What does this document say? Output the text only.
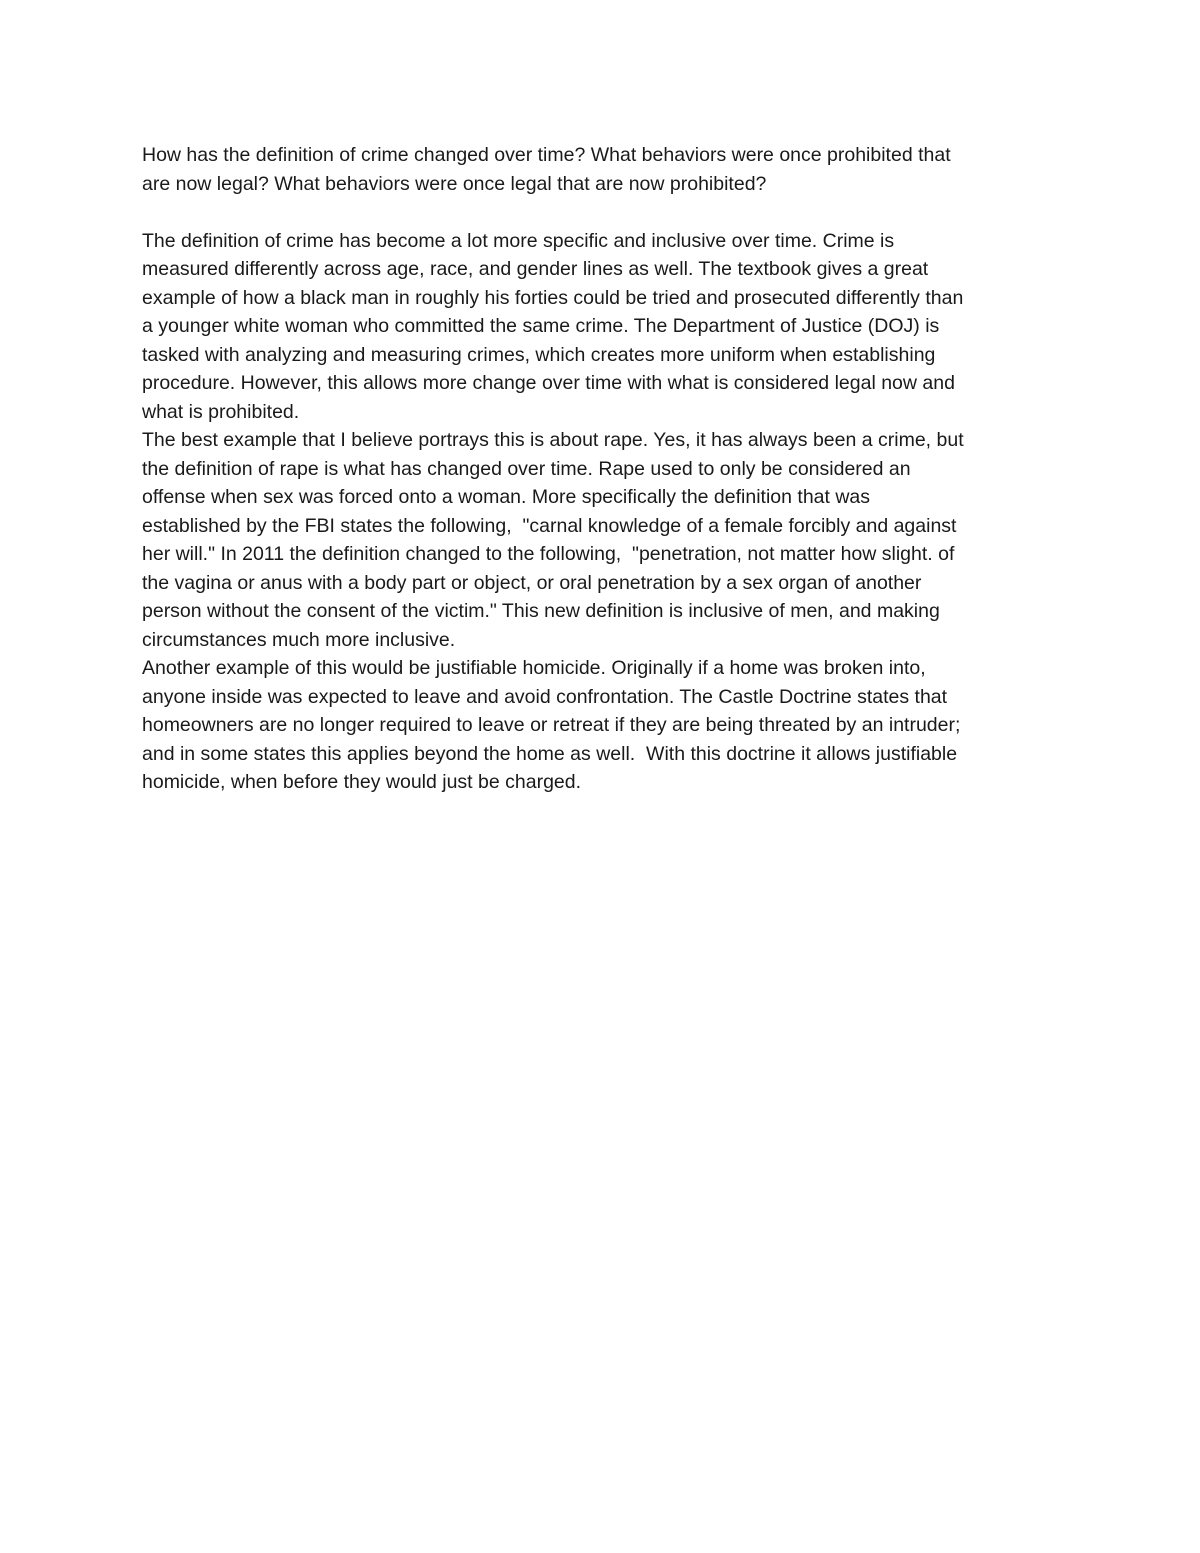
How has the definition of crime changed over time? What behaviors were once prohibited that
are now legal? What behaviors were once legal that are now prohibited?
The definition of crime has become a lot more specific and inclusive over time. Crime is
measured differently across age, race, and gender lines as well. The textbook gives a great
example of how a black man in roughly his forties could be tried and prosecuted differently than
a younger white woman who committed the same crime. The Department of Justice (DOJ) is
tasked with analyzing and measuring crimes, which creates more uniform when establishing
procedure. However, this allows more change over time with what is considered legal now and
what is prohibited.
The best example that I believe portrays this is about rape. Yes, it has always been a crime, but
the definition of rape is what has changed over time. Rape used to only be considered an
offense when sex was forced onto a woman. More specifically the definition that was
established by the FBI states the following,  "carnal knowledge of a female forcibly and against
her will." In 2011 the definition changed to the following,  "penetration, not matter how slight. of
the vagina or anus with a body part or object, or oral penetration by a sex organ of another
person without the consent of the victim." This new definition is inclusive of men, and making
circumstances much more inclusive.
Another example of this would be justifiable homicide. Originally if a home was broken into,
anyone inside was expected to leave and avoid confrontation. The Castle Doctrine states that
homeowners are no longer required to leave or retreat if they are being threated by an intruder;
and in some states this applies beyond the home as well.  With this doctrine it allows justifiable
homicide, when before they would just be charged.
